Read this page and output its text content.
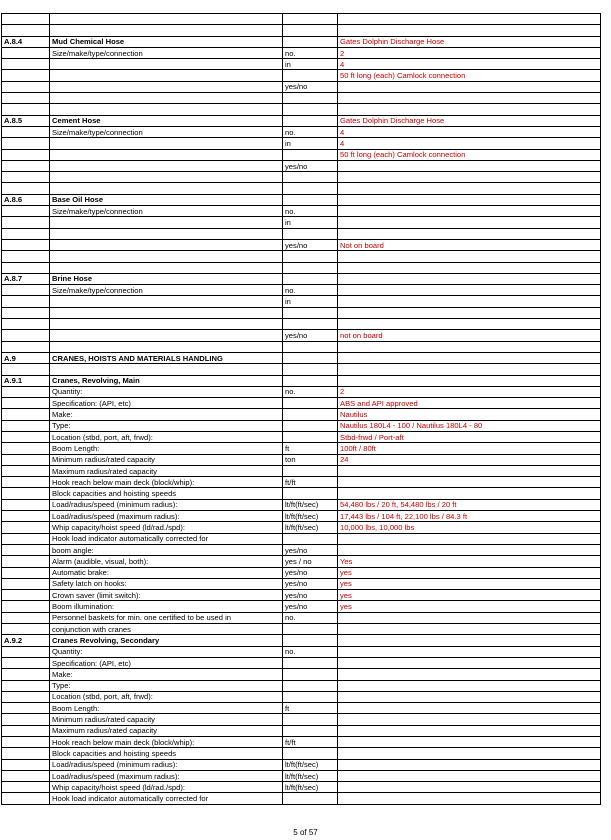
A.8.4	Mud Chemical Hose		Gates Dolphin Discharge Hose
	Size/make/type/connection	no.	2
		in	4
			50 ft long (each) Camlock connection
		yes/no	

A.8.5	Cement Hose		Gates Dolphin Discharge Hose
	Size/make/type/connection	no.	4
		in	4
			50 ft long (each) Camlock connection
		yes/no	

A.8.6	Base Oil Hose		
	Size/make/type/connection	no.	
		in	

		yes/no	Not on board

A.8.7	Brine Hose		
	Size/make/type/connection	no.	
		in	

		yes/no	not on board

A.9	CRANES, HOISTS AND MATERIALS HANDLING		

A.9.1	Cranes, Revolving, Main		
	Quantity:	no.	2
	Specification: (API, etc)		ABS and API approved
	Make:		Nautilus
	Type:		Nautilus 180L4 - 100 / Nautilus 180L4 - 80
	Location (stbd, port, aft, frwd):		Stbd-frwd / Port-aft
	Boom Length:	ft	100ft / 80ft
	Minimum radius/rated capacity	ton	24
	Maximum radius/rated capacity		
	Hook reach below main deck (block/whip):	ft/ft	
	Block capacities and hoisting speeds		
	Load/radius/speed (minimum radius):	lt/ft(ft/sec)	54,480 lbs / 20 ft, 54,480 lbs / 20 ft
	Load/radius/speed (maximum radius):	lt/ft(ft/sec)	17,443 lbs / 104 ft, 22,100 lbs / 84.3 ft
	Whip capacity/hoist speed (ld/rad./spd):	lt/ft(ft/sec)	10,000 lbs, 10,000 lbs
	Hook load indicator automatically corrected for		
	boom angle:	yes/no	
	Alarm (audible, visual, both):	yes / no	Yes
	Automatic brake:	yes/no	yes
	Safety latch on hooks:	yes/no	yes
	Crown saver (limit switch):	yes/no	yes
	Boom illumination:	yes/no	yes
	Personnel baskets for min. one certified to be used in	no.	
	conjunction with cranes		
A.9.2	Cranes Revolving, Secondary		
	Quantity:	no.	
	Specification: (API, etc)		
	Make:		
	Type:		
	Location (stbd, port, aft, frwd):		
	Boom Length:	ft	
	Minimum radius/rated capacity		
	Maximum radius/rated capacity		
	Hook reach below main deck (block/whip):	ft/ft	
	Block capacities and hoisting speeds		
	Load/radius/speed (minimum radius):	lt/ft(ft/sec)	
	Load/radius/speed (maximum radius):	lt/ft(ft/sec)	
	Whip capacity/hoist speed (ld/rad./spd):	lt/ft(ft/sec)	
	Hook load indicator automatically corrected for		
5 of 57
